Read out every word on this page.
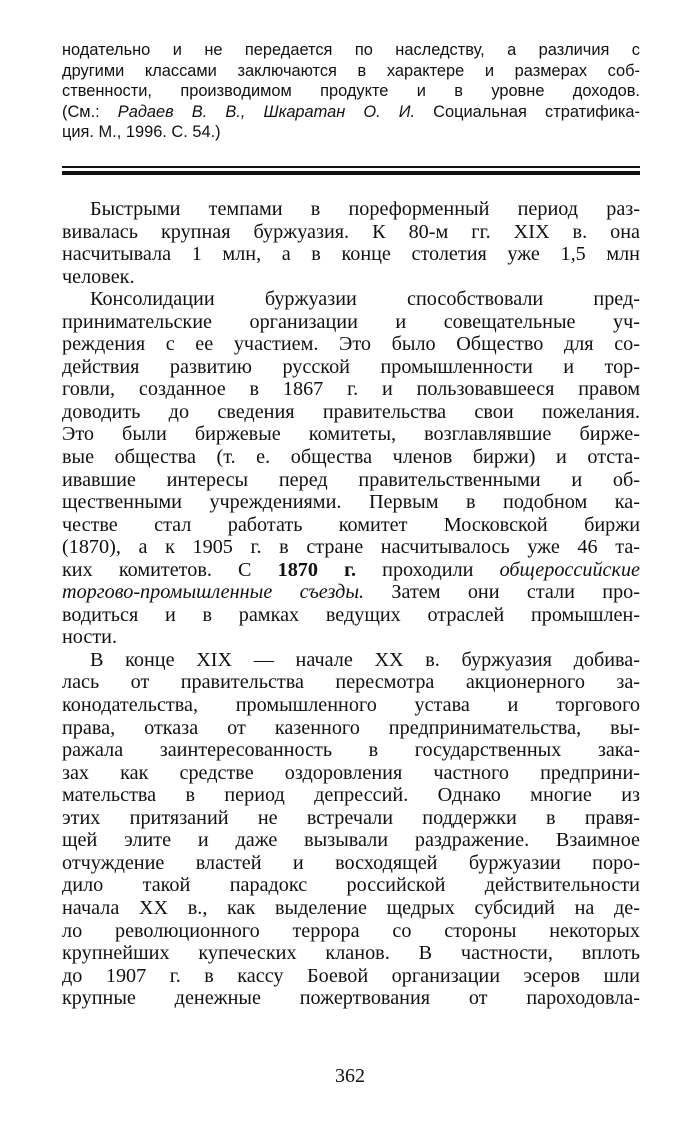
нодательно и не передается по наследству, а различия с
другими классами заключаются в характере и размерах соб-
ственности, производимом продукте и в уровне доходов.
(См.: Радаев В. В., Шкаратан О. И. Социальная стратифика-
ция. М., 1996. С. 54.)
Быстрыми темпами в пореформенный период раз-
вивалась крупная буржуазия. К 80-м гг. XIX в. она
насчитывала 1 млн, а в конце столетия уже 1,5 млн
человек.
Консолидации буржуазии способствовали пред-
принимательские организации и совещательные уч-
реждения с ее участием. Это было Общество для со-
действия развитию русской промышленности и тор-
говли, созданное в 1867 г. и пользовавшееся правом
доводить до сведения правительства свои пожелания.
Это были биржевые комитеты, возглавлявшие бирже-
вые общества (т. е. общества членов биржи) и отста-
ивавшие интересы перед правительственными и об-
щественными учреждениями. Первым в подобном ка-
честве стал работать комитет Московской биржи
(1870), а к 1905 г. в стране насчитывалось уже 46 та-
ких комитетов. С 1870 г. проходили общероссийские
торгово-промышленные съезды. Затем они стали про-
водиться и в рамках ведущих отраслей промышлен-
ности.
В конце XIX — начале XX в. буржуазия добива-
лась от правительства пересмотра акционерного за-
конодательства, промышленного устава и торгового
права, отказа от казенного предпринимательства, вы-
ражала заинтересованность в государственных зака-
зах как средстве оздоровления частного предприни-
мательства в период депрессий. Однако многие из
этих притязаний не встречали поддержки в правя-
щей элите и даже вызывали раздражение. Взаимное
отчуждение властей и восходящей буржуазии поро-
дило такой парадокс российской действительности
начала XX в., как выделение щедрых субсидий на де-
ло революционного террора со стороны некоторых
крупнейших купеческих кланов. В частности, вплоть
до 1907 г. в кассу Боевой организации эсеров шли
крупные денежные пожертвования от пароходовла-
362
